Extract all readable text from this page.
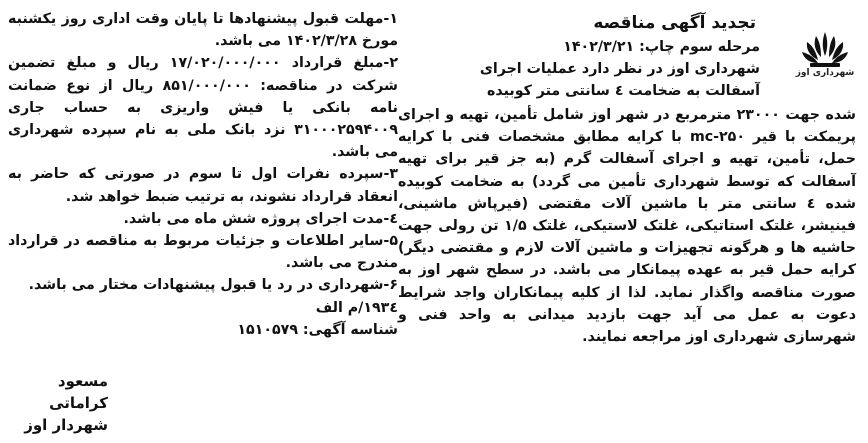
شهرداری اوز
تجدید آگهی مناقصه
مرحله سوم چاپ: ۱۴۰۲/۳/۲۱
شهرداری اوز در نظر دارد عملیات اجرای
آسفالت به ضخامت ٤ سانتی متر کوبیده

شده جهت ۲۳۰۰۰ مترمربع در شهر اوز شامل تأمین، تهیه و اجرای پریمکت با قیر mc-۲۵۰ با کرایه مطابق مشخصات فنی با کرایه حمل، تأمین، تهیه و اجرای آسفالت گرم (به جز قیر برای تهیه آسفالت که توسط شهرداری تأمین می گردد) به ضخامت کوبیده شده ٤ سانتی متر با ماشین آلات مقتضی (فیرپاش ماشینی، فینیشر، غلتک استاتیکی، غلتک لاستیکی، غلتک ۱/۵ تن رولی جهت حاشیه ها و هرگونه تجهیزات و ماشین آلات لازم و مقتضی دیگر) کرایه حمل قیر به عهده پیمانکار می باشد. در سطح شهر اوز به صورت مناقصه واگذار نماید. لذا از کلیه پیمانکاران واجد شرایط دعوت به عمل می آید جهت بازدید میدانی به واحد فنی و شهرسازی شهرداری اوز مراجعه نمایند.

۱-مهلت قبول پیشنهادها تا پایان وقت اداری روز یکشنبه مورخ ۱۴۰۲/۳/۲۸ می باشد.
۲-مبلغ قرارداد ۱۷/۰۲۰/۰۰۰/۰۰۰ ریال و مبلغ تضمین شرکت در مناقصه: ۸۵۱/۰۰۰/۰۰۰ ریال از نوع ضمانت نامه بانکی یا فیش واریزی به حساب جاری ۳۱۰۰۰۲۵۹۴۰۰۹ نزد بانک ملی به نام سپرده شهرداری می باشد.
۳-سپرده نفرات اول تا سوم در صورتی که حاضر به انعقاد قرارداد نشوند، به ترتیب ضبط خواهد شد.
٤-مدت اجرای پروژه شش ماه می باشد.
۵-سایر اطلاعات و جزئیات مربوط به مناقصه در قرارداد مندرج می باشد.
۶-شهرداری در رد یا قبول پیشنهادات مختار می باشد.
۱۹۳٤/م الف
شناسه آگهی: ۱۵۱۰۵۷۹
مسعود کراماتی
شهردار اوز
